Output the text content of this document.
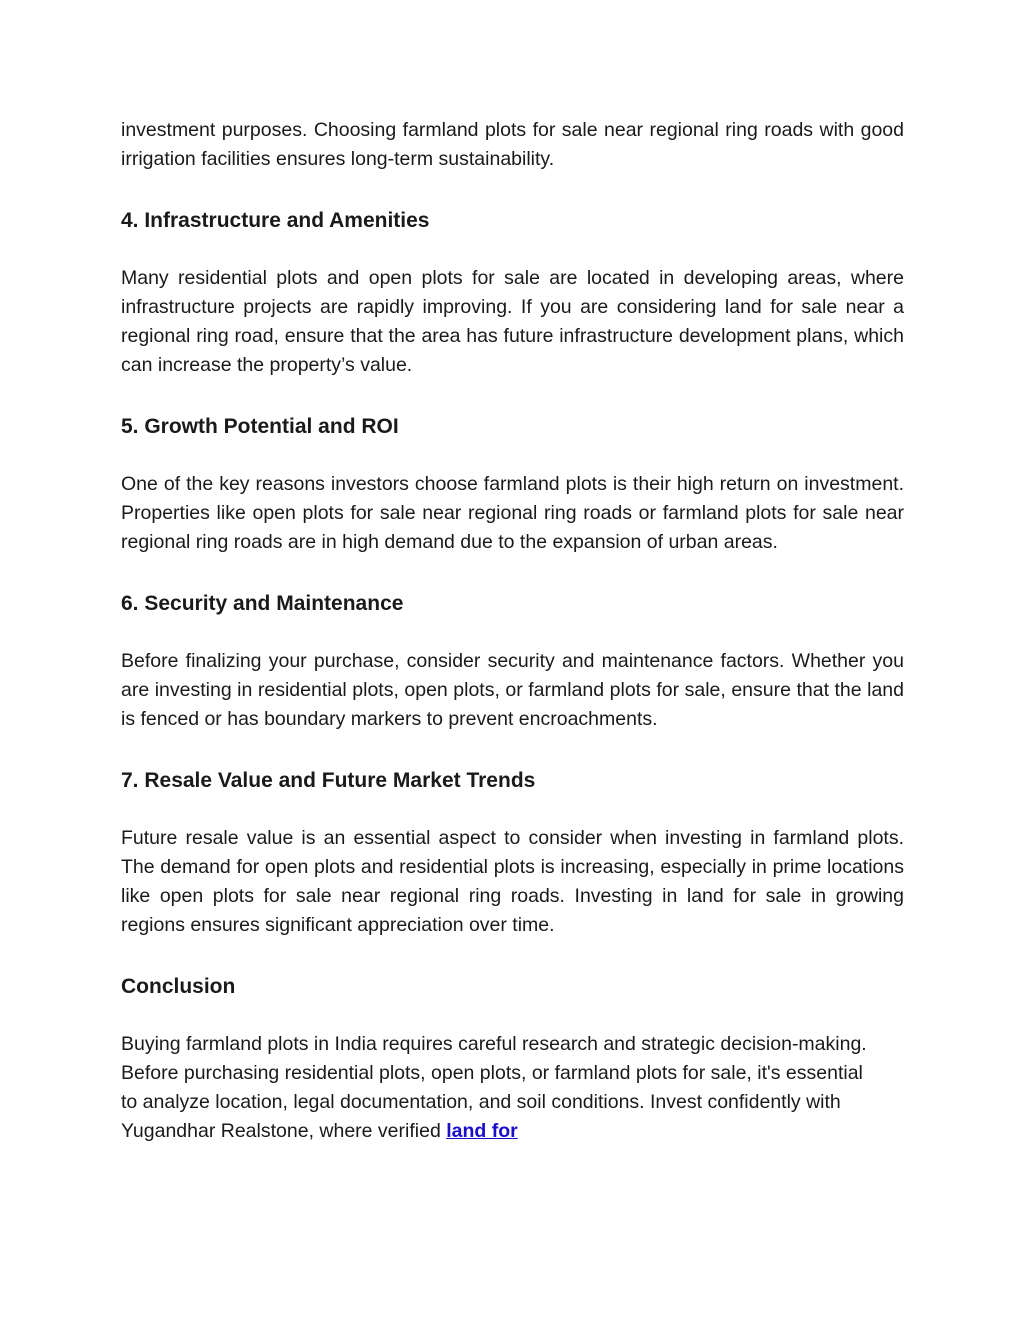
investment purposes. Choosing farmland plots for sale near regional ring roads with good irrigation facilities ensures long-term sustainability.

4. Infrastructure and Amenities

Many residential plots and open plots for sale are located in developing areas, where infrastructure projects are rapidly improving. If you are considering land for sale near a regional ring road, ensure that the area has future infrastructure development plans, which can increase the property’s value.

5. Growth Potential and ROI

One of the key reasons investors choose farmland plots is their high return on investment. Properties like open plots for sale near regional ring roads or farmland plots for sale near regional ring roads are in high demand due to the expansion of urban areas.

6. Security and Maintenance

Before finalizing your purchase, consider security and maintenance factors. Whether you are investing in residential plots, open plots, or farmland plots for sale, ensure that the land is fenced or has boundary markers to prevent encroachments.

7. Resale Value and Future Market Trends

Future resale value is an essential aspect to consider when investing in farmland plots. The demand for open plots and residential plots is increasing, especially in prime locations like open plots for sale near regional ring roads. Investing in land for sale in growing regions ensures significant appreciation over time.

Conclusion

Buying farmland plots in India requires careful research and strategic decision-making. Before purchasing residential plots, open plots, or farmland plots for sale, it's essential to analyze location, legal documentation, and soil conditions. Invest confidently with Yugandhar Realstone, where verified land for
